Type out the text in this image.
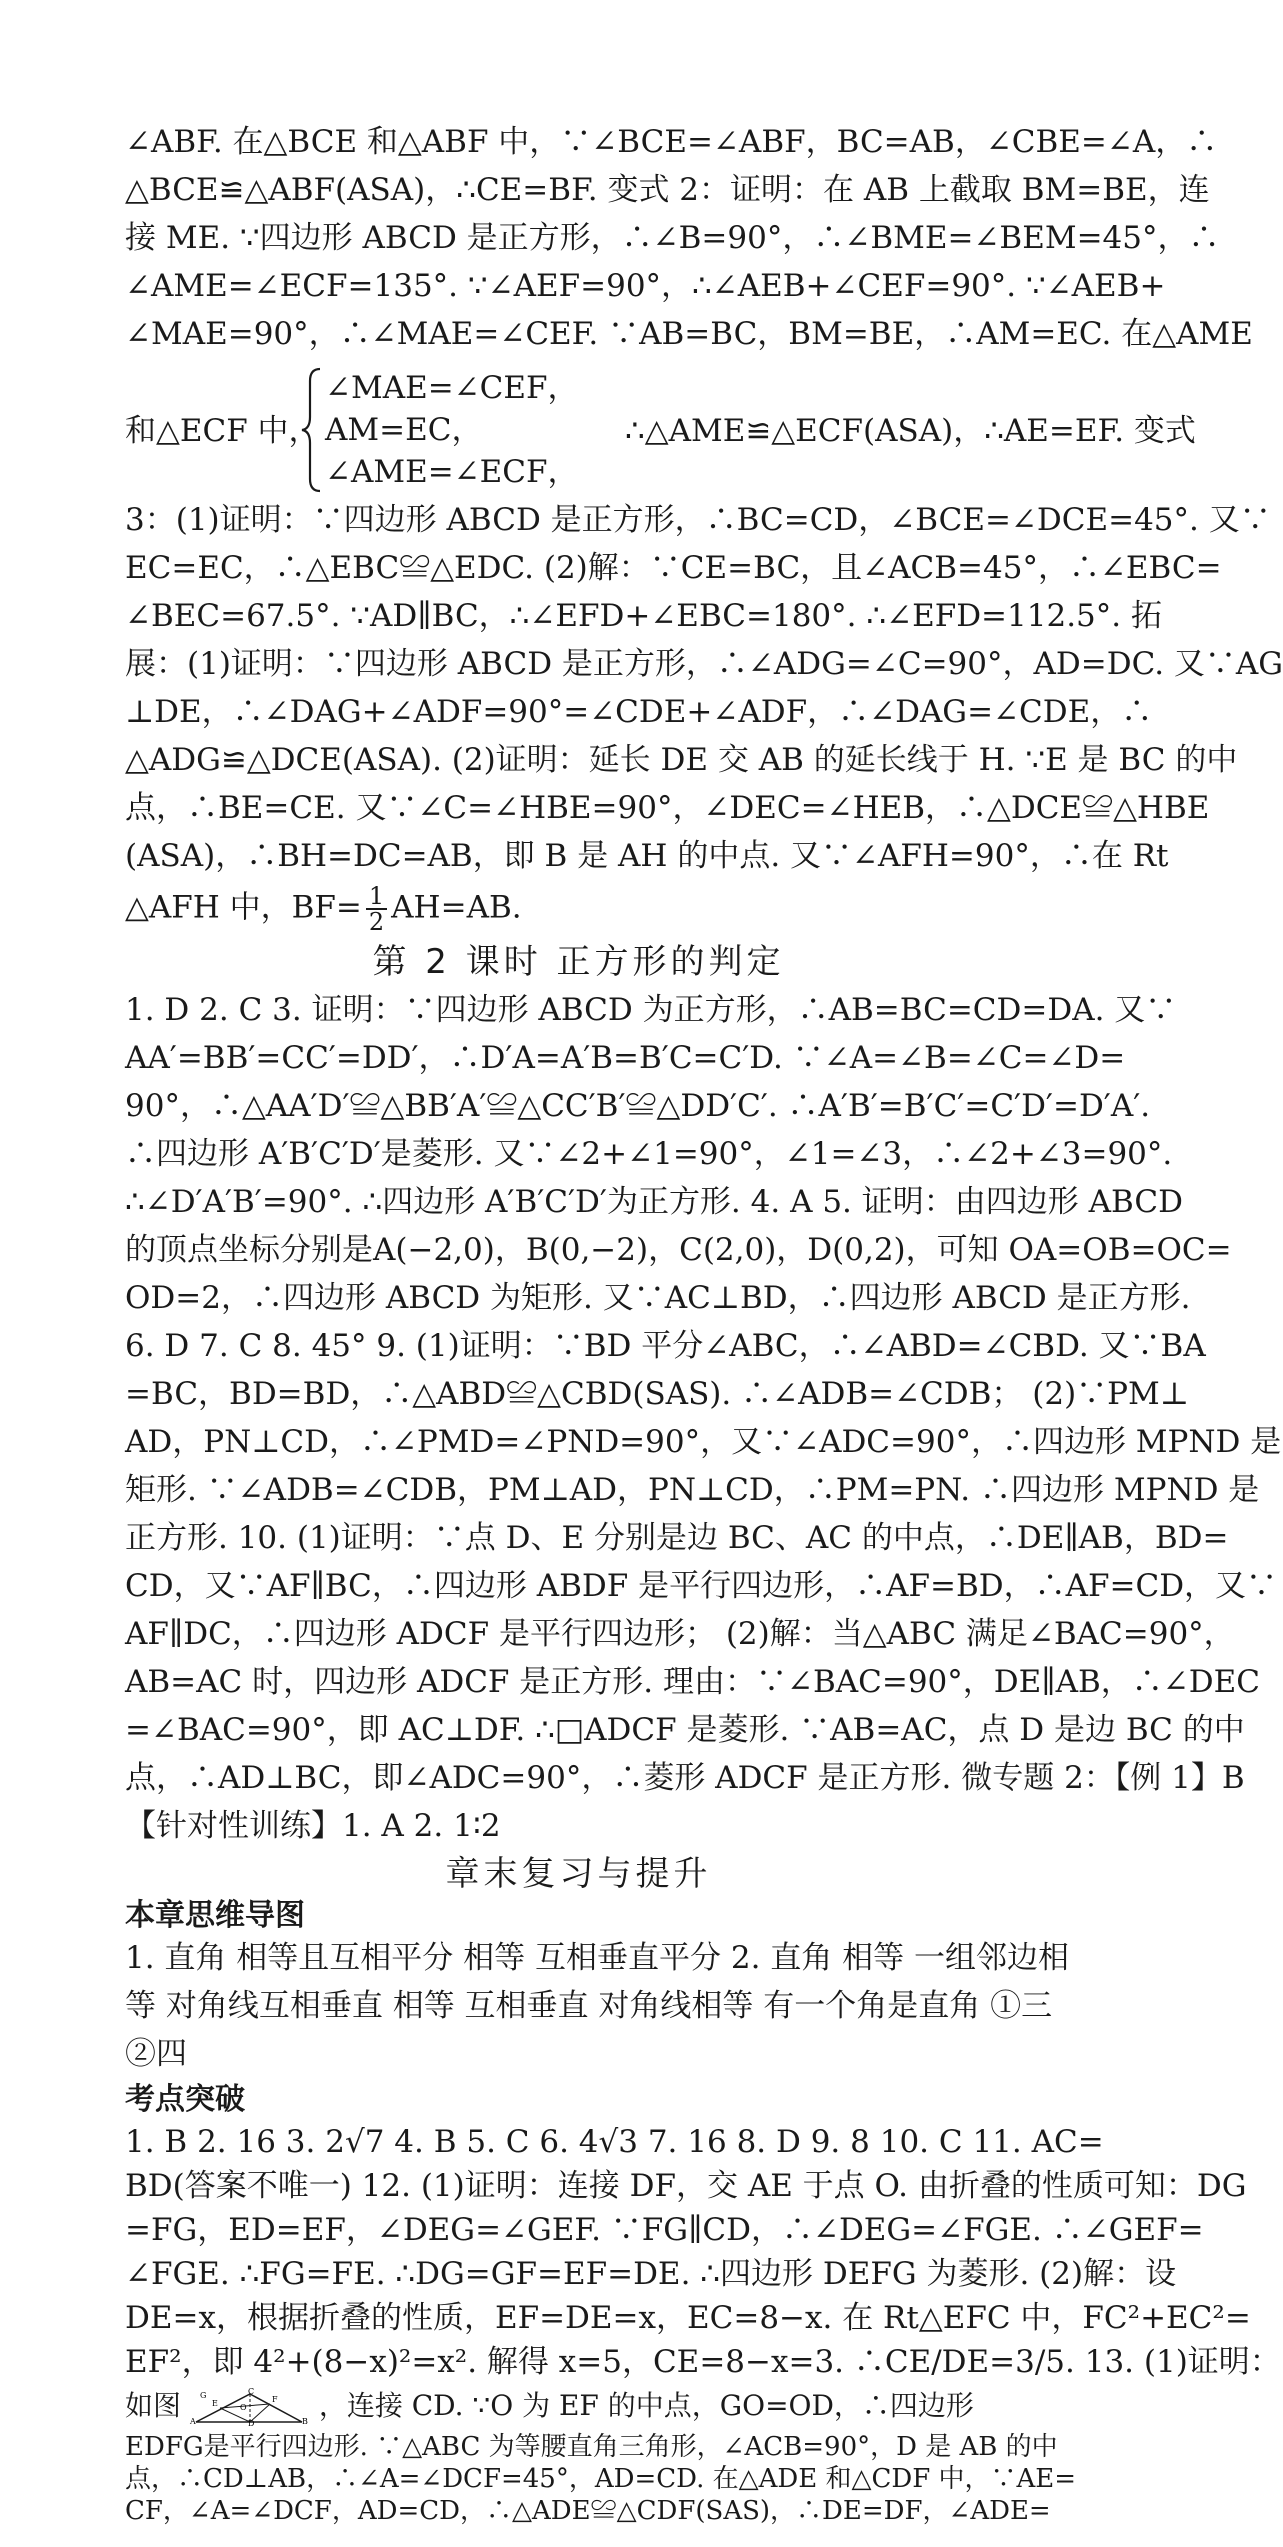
∠ABF. 在△BCE 和△ABF 中，∵∠BCE=∠ABF，BC=AB，∠CBE=∠A，∴
△BCE≌△ABF(ASA)，∴CE=BF. 变式 2：证明：在 AB 上截取 BM=BE，连
接 ME. ∵四边形 ABCD 是正方形，∴∠B=90°，∴∠BME=∠BEM=45°，∴
∠AME=∠ECF=135°. ∵∠AEF=90°，∴∠AEB+∠CEF=90°. ∵∠AEB+
∠MAE=90°，∴∠MAE=∠CEF. ∵AB=BC，BM=BE，∴AM=EC. 在△AME
和△ECF 中，
∠MAE=∠CEF，
AM=EC，
∠AME=∠ECF，
∴△AME≌△ECF(ASA)，∴AE=EF. 变式
3：(1)证明：∵四边形 ABCD 是正方形，∴BC=CD，∠BCE=∠DCE=45°. 又∵
EC=EC，∴△EBC≌△EDC. (2)解：∵CE=BC，且∠ACB=45°，∴∠EBC=
∠BEC=67.5°. ∵AD∥BC，∴∠EFD+∠EBC=180°. ∴∠EFD=112.5°. 拓
展：(1)证明：∵四边形 ABCD 是正方形，∴∠ADG=∠C=90°，AD=DC. 又∵AG
⊥DE，∴∠DAG+∠ADF=90°=∠CDE+∠ADF，∴∠DAG=∠CDE，∴
△ADG≌△DCE(ASA). (2)证明：延长 DE 交 AB 的延长线于 H. ∵E 是 BC 的中
点，∴BE=CE. 又∵∠C=∠HBE=90°，∠DEC=∠HEB，∴△DCE≌△HBE
(ASA)，∴BH=DC=AB，即 B 是 AH 的中点. 又∵∠AFH=90°，∴在 Rt
△AFH 中，$BF= \frac{1}{2} AH=AB$.
第 2 课时 正方形的判定
1. D 2. C 3. 证明：∵四边形 ABCD 为正方形，∴AB=BC=CD=DA. 又∵
AA′=BB′=CC′=DD′，∴D′A=A′B=B′C=C′D. ∵∠A=∠B=∠C=∠D=
90°，∴△AA′D′≌△BB′A′≌△CC′B′≌△DD′C′. ∴A′B′=B′C′=C′D′=D′A′.
∴四边形 A′B′C′D′是菱形. 又∵∠2+∠1=90°，∠1=∠3，∴∠2+∠3=90°.
∴∠D′A′B′=90°. ∴四边形 A′B′C′D′为正方形. 4. A 5. 证明：由四边形 ABCD
的顶点坐标分别是A(−2,0)，B(0,−2)，C(2,0)，D(0,2)，可知 OA=OB=OC=
OD=2，∴四边形 ABCD 为矩形. 又∵AC⊥BD，∴四边形 ABCD 是正方形.
6. D 7. C 8. 45° 9. (1)证明：∵BD 平分∠ABC，∴∠ABD=∠CBD. 又∵BA
=BC，BD=BD，∴△ABD≌△CBD(SAS). ∴∠ADB=∠CDB； (2)∵PM⊥
AD，PN⊥CD，∴∠PMD=∠PND=90°，又∵∠ADC=90°，∴四边形 MPND 是
矩形. ∵∠ADB=∠CDB，PM⊥AD，PN⊥CD，∴PM=PN. ∴四边形 MPND 是
正方形. 10. (1)证明：∵点 D、E 分别是边 BC、AC 的中点，∴DE∥AB，BD=
CD，又∵AF∥BC，∴四边形 ABDF 是平行四边形，∴AF=BD，∴AF=CD，又∵
AF∥DC，∴四边形 ADCF 是平行四边形； (2)解：当△ABC 满足∠BAC=90°，
AB=AC 时，四边形 ADCF 是正方形. 理由：∵∠BAC=90°，DE∥AB，∴∠DEC
=∠BAC=90°，即 AC⊥DF. ∴□ADCF 是菱形. ∵AB=AC，点 D 是边 BC 的中
点，∴AD⊥BC，即∠ADC=90°，∴菱形 ADCF 是正方形. 微专题 2：【例 1】B
【针对性训练】1. A 2. 1∶2
章末复习与提升
本章思维导图
1. 直角 相等且互相平分 相等 互相垂直平分 2. 直角 相等 一组邻边相
等 对角线互相垂直 相等 互相垂直 对角线相等 有一个角是直角 ①三
②四
考点突破
1. B 2. 16 3. 2√7 4. B 5. C 6. 4√3 7. 16 8. D 9. 8 10. C 11. AC=
BD(答案不唯一) 12. (1)证明：连接 DF，交 AE 于点 O. 由折叠的性质可知：DG
=FG，ED=EF，∠DEG=∠GEF. ∵FG∥CD，∴∠DEG=∠FGE. ∴∠GEF=
∠FGE. ∴FG=FE. ∴DG=GF=EF=DE. ∴四边形 DEFG 为菱形. (2)解：设
DE=x，根据折叠的性质，EF=DE=x，EC=8−x. 在 Rt△EFC 中，FC²+EC²=
EF²，即 4²+(8−x)²=x². 解得 x=5，CE=8−x=3. ∴CE/DE=3/5. 13. (1)证明：
如图 A
C
B
D
E	F
O
G	，连接 CD. ∵O 为 EF 的中点，GO=OD，∴四边形
EDFG是平行四边形. ∵△ABC 为等腰直角三角形，∠ACB=90°，D 是 AB 的中
点，∴CD⊥AB，∴∠A=∠DCF=45°，AD=CD. 在△ADE 和△CDF 中，∵AE=
CF，∠A=∠DCF，AD=CD，∴△ADE≌△CDF(SAS)，∴DE=DF，∠ADE=
